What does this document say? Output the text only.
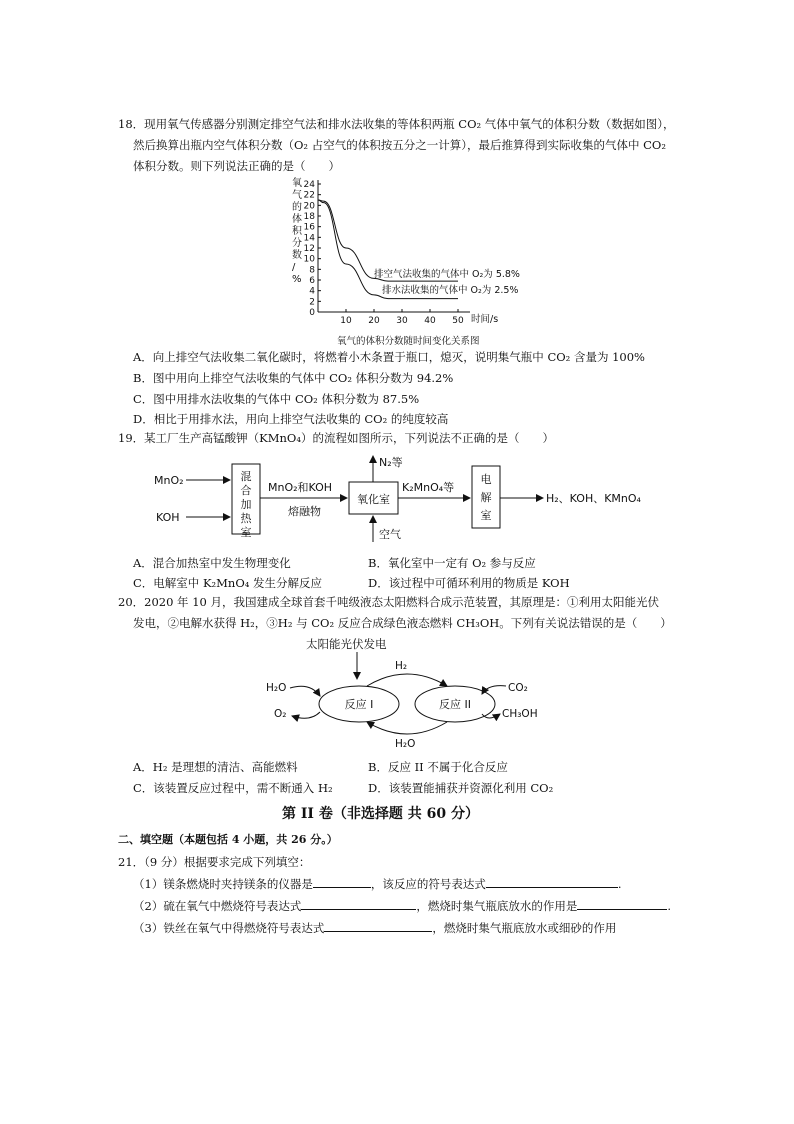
18．现用氧气传感器分别测定排空气法和排水法收集的等体积两瓶 CO₂ 气体中氧气的体积分数（数据如图），
然后换算出瓶内空气体积分数（O₂ 占空气的体积按五分之一计算），最后推算得到实际收集的气体中 CO₂
体积分数。则下列说法正确的是（　　）
氧气的体积分数/ %
0
2
4
6
8
10
12
14
16
18
20
22
24
10 20 30 40 50 时间/s
排空气法收集的气体中 O₂为 5.8%
排水法收集的气体中 O₂为 2.5%
氧气的体积分数随时间变化关系图
A．向上排空气法收集二氧化碳时，将燃着小木条置于瓶口，熄灭，说明集气瓶中 CO₂ 含量为 100%
B．图中用向上排空气法收集的气体中 CO₂ 体积分数为 94.2%
C．图中用排水法收集的气体中 CO₂ 体积分数为 87.5%
D．相比于用排水法，用向上排空气法收集的 CO₂ 的纯度较高
19．某工厂生产高锰酸钾（KMnO₄）的流程如图所示，下列说法不正确的是（　　）
MnO₂
KOH
混合加热室
MnO₂和KOH
熔融物
氧化室
N₂等
空气
K₂MnO₄等
电解室
H₂、KOH、KMnO₄
A．混合加热室中发生物理变化	B．氧化室中一定有 O₂ 参与反应
C．电解室中 K₂MnO₄ 发生分解反应	D．该过程中可循环利用的物质是 KOH
20．2020 年 10 月，我国建成全球首套千吨级液态太阳燃料合成示范装置，其原理是：①利用太阳能光伏
发电，②电解水获得 H₂，③H₂ 与 CO₂ 反应合成绿色液态燃料 CH₃OH。下列有关说法错误的是（　　）
太阳能光伏发电
反应 I	反应 II
H₂
H₂O
H₂O
O₂
CO₂
CH₃OH
A．H₂ 是理想的清洁、高能燃料	B．反应 II 不属于化合反应
C．该装置反应过程中，需不断通入 H₂	D．该装置能捕获并资源化利用 CO₂
第 II 卷（非选择题 共 60 分）
二、填空题（本题包括 4 小题，共 26 分。）
21．（9 分）根据要求完成下列填空：
（1）镁条燃烧时夹持镁条的仪器是	，该反应的符号表达式	.
（2）硫在氧气中燃烧符号表达式	，燃烧时集气瓶底放水的作用是	.
（3）铁丝在氧气中得燃烧符号表达式	，燃烧时集气瓶底放水或细砂的作用
